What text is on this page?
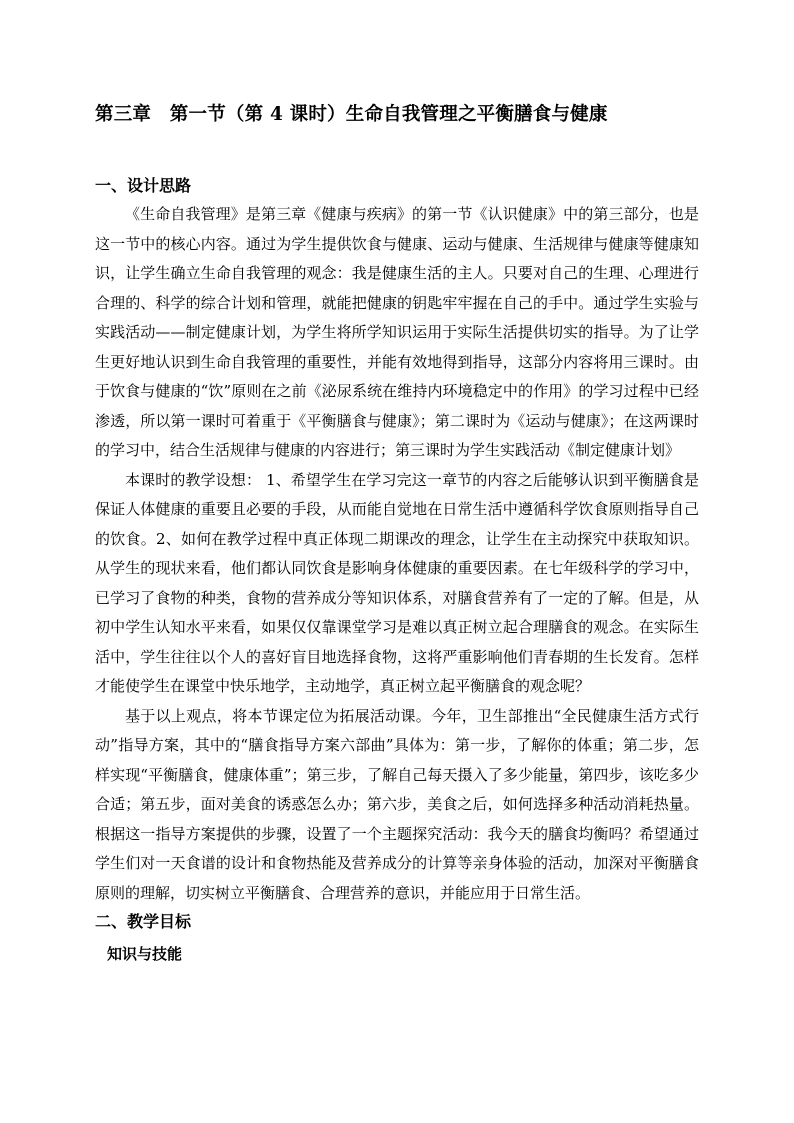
第三章　第一节（第 4 课时）生命自我管理之平衡膳食与健康
一、设计思路

《生命自我管理》是第三章《健康与疾病》的第一节《认识健康》中的第三部分，也是这一节中的核心内容。通过为学生提供饮食与健康、运动与健康、生活规律与健康等健康知识，让学生确立生命自我管理的观念：我是健康生活的主人。只要对自己的生理、心理进行合理的、科学的综合计划和管理，就能把健康的钥匙牢牢握在自己的手中。通过学生实验与实践活动——制定健康计划，为学生将所学知识运用于实际生活提供切实的指导。为了让学生更好地认识到生命自我管理的重要性，并能有效地得到指导，这部分内容将用三课时。由于饮食与健康的“饮”原则在之前《泌尿系统在维持内环境稳定中的作用》的学习过程中已经渗透，所以第一课时可着重于《平衡膳食与健康》；第二课时为《运动与健康》；在这两课时的学习中，结合生活规律与健康的内容进行；第三课时为学生实践活动《制定健康计划》

本课时的教学设想： 1、希望学生在学习完这一章节的内容之后能够认识到平衡膳食是保证人体健康的重要且必要的手段，从而能自觉地在日常生活中遵循科学饮食原则指导自己的饮食。2、如何在教学过程中真正体现二期课改的理念，让学生在主动探究中获取知识。从学生的现状来看，他们都认同饮食是影响身体健康的重要因素。在七年级科学的学习中，已学习了食物的种类，食物的营养成分等知识体系，对膳食营养有了一定的了解。但是，从初中学生认知水平来看，如果仅仅靠课堂学习是难以真正树立起合理膳食的观念。在实际生活中，学生往往以个人的喜好盲目地选择食物，这将严重影响他们青春期的生长发育。怎样才能使学生在课堂中快乐地学，主动地学，真正树立起平衡膳食的观念呢？

基于以上观点，将本节课定位为拓展活动课。今年，卫生部推出“全民健康生活方式行动”指导方案，其中的“膳食指导方案六部曲”具体为：第一步，了解你的体重；第二步，怎样实现“平衡膳食，健康体重”；第三步，了解自己每天摄入了多少能量，第四步，该吃多少合适；第五步，面对美食的诱惑怎么办；第六步，美食之后，如何选择多种活动消耗热量。根据这一指导方案提供的步骤，设置了一个主题探究活动：我今天的膳食均衡吗？希望通过学生们对一天食谱的设计和食物热能及营养成分的计算等亲身体验的活动，加深对平衡膳食原则的理解，切实树立平衡膳食、合理营养的意识，并能应用于日常生活。

二、教学目标
知识与技能
